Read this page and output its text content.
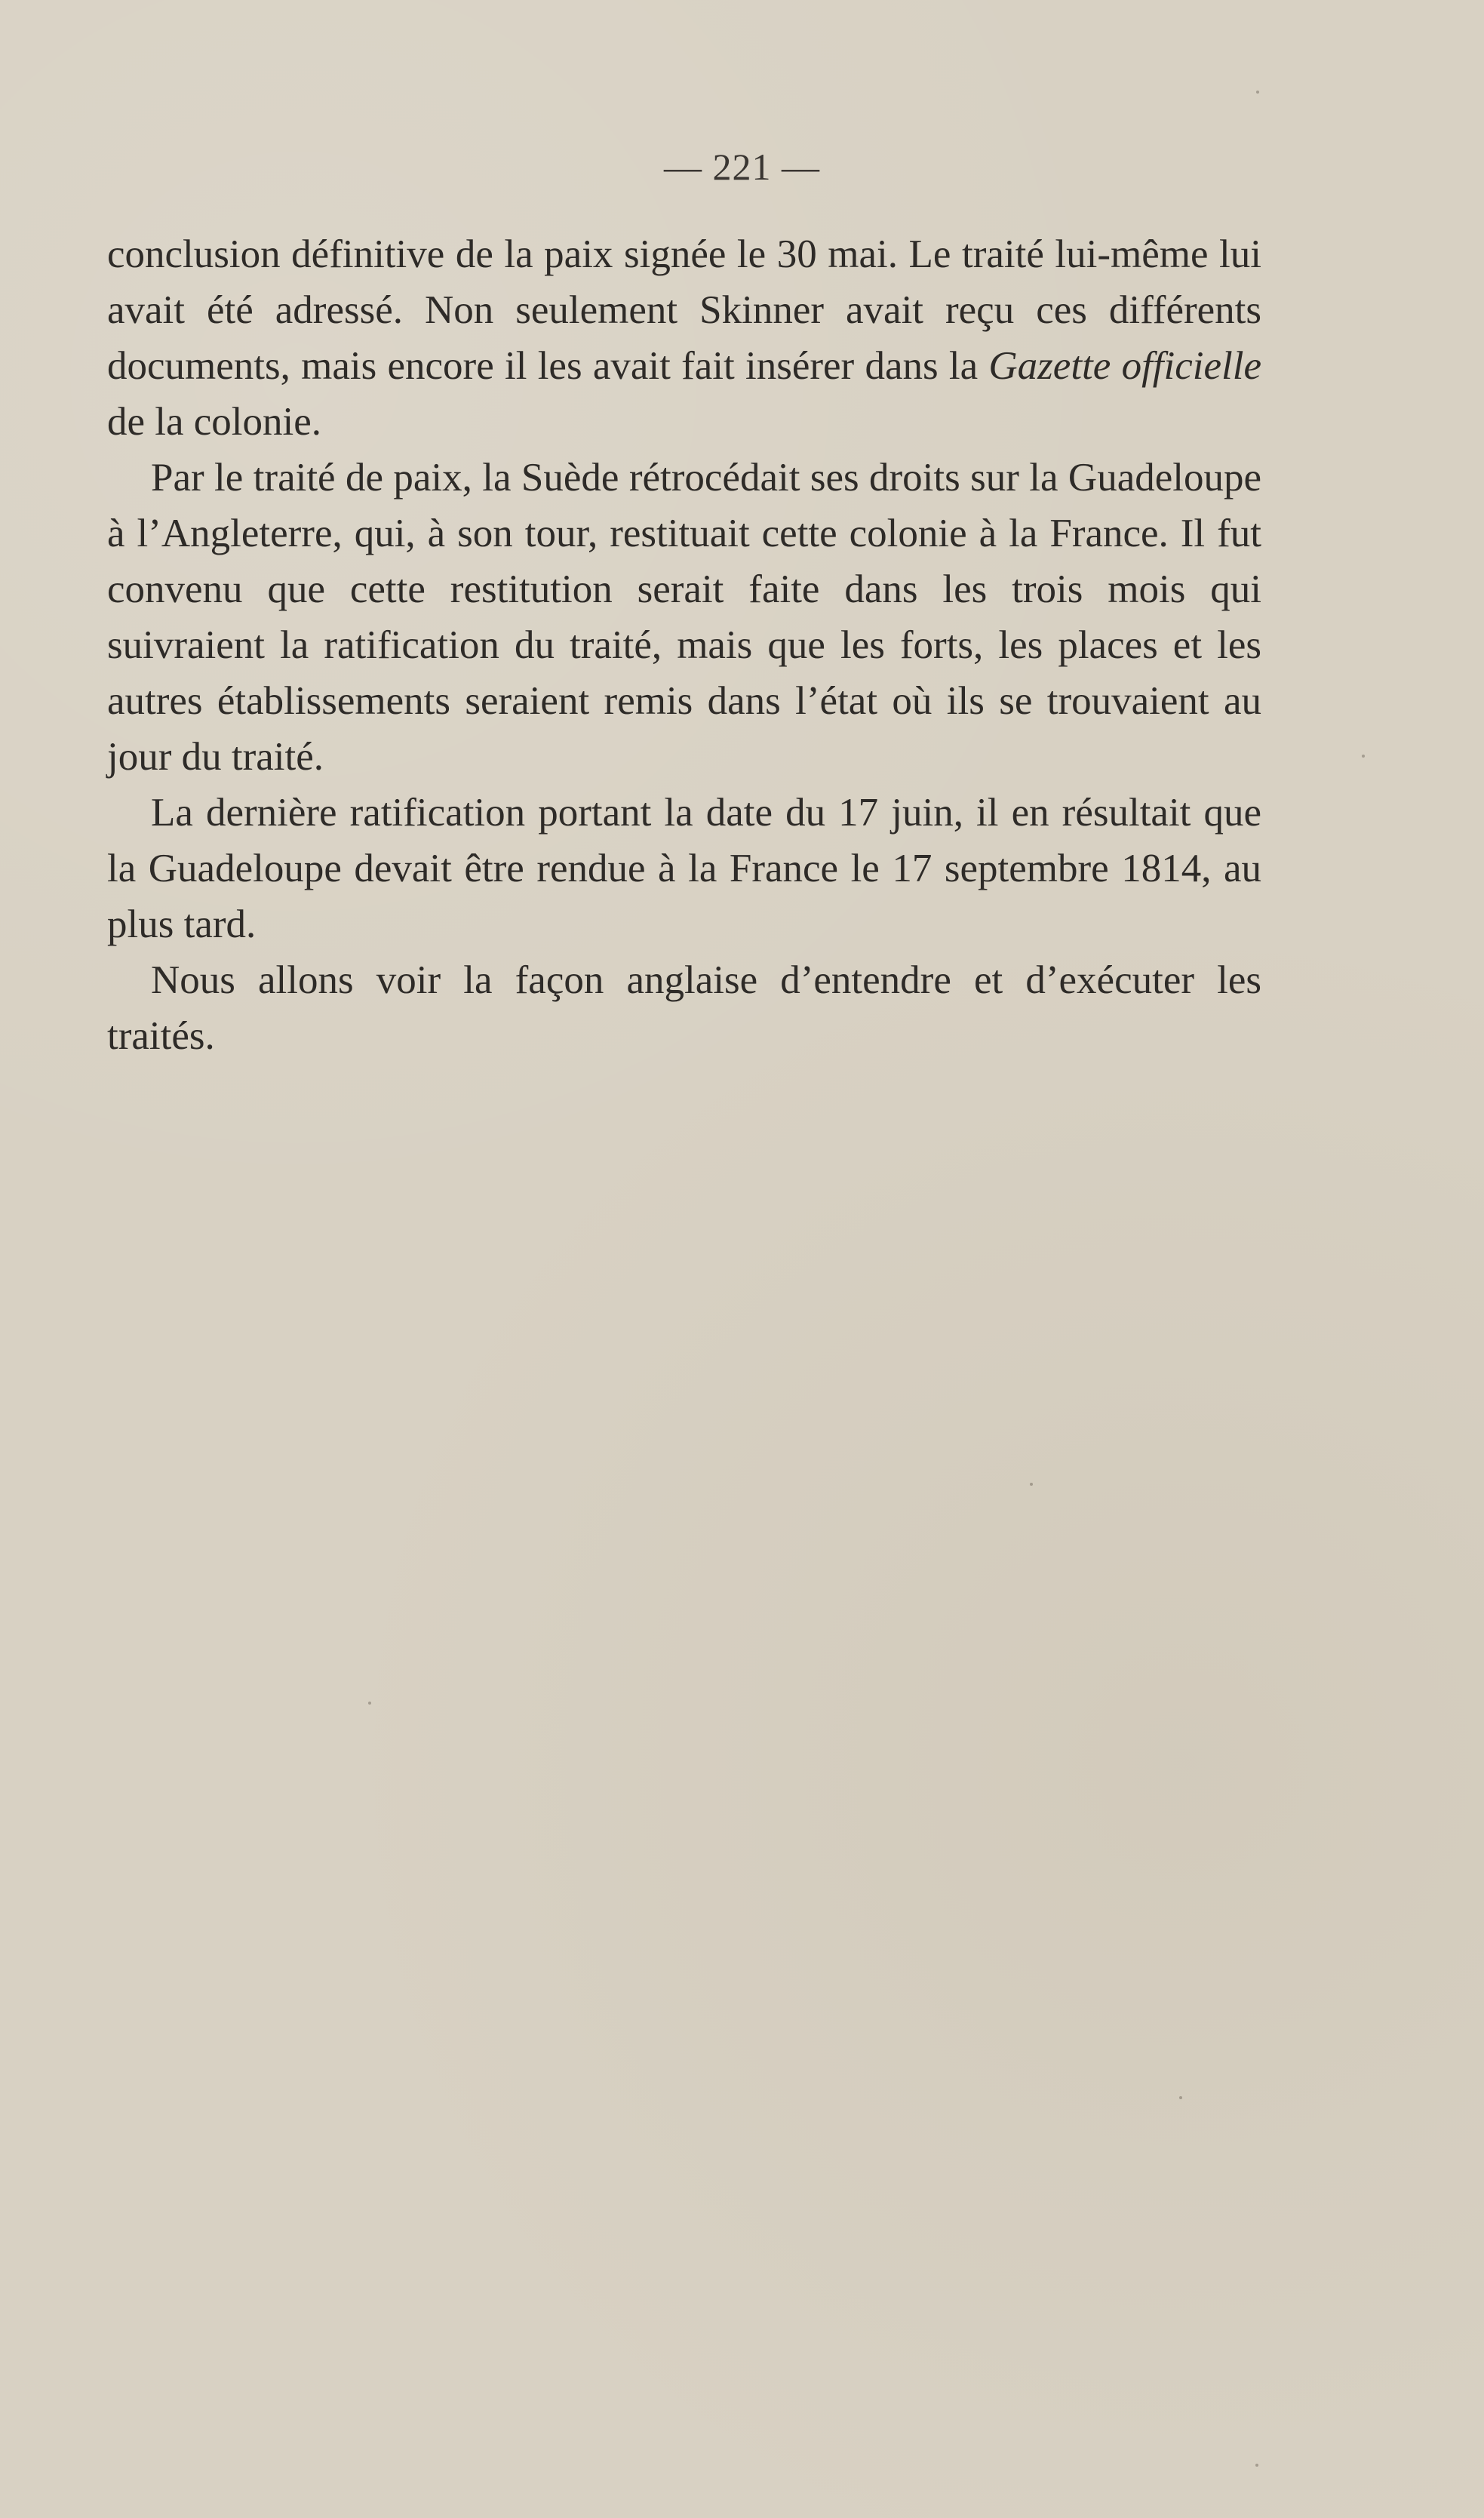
— 221 —

conclusion définitive de la paix signée le 30 mai. Le traité lui-même lui avait été adressé. Non seulement Skinner avait reçu ces différents documents, mais encore il les avait fait insérer dans la Gazette officielle de la colonie.

Par le traité de paix, la Suède rétrocédait ses droits sur la Guadeloupe à l’Angleterre, qui, à son tour, restituait cette colonie à la France. Il fut convenu que cette restitution serait faite dans les trois mois qui suivraient la ratification du traité, mais que les forts, les places et les autres établissements seraient remis dans l’état où ils se trouvaient au jour du traité.

La dernière ratification portant la date du 17 juin, il en résultait que la Guadeloupe devait être rendue à la France le 17 septembre 1814, au plus tard.

Nous allons voir la façon anglaise d’entendre et d’exécuter les traités.
